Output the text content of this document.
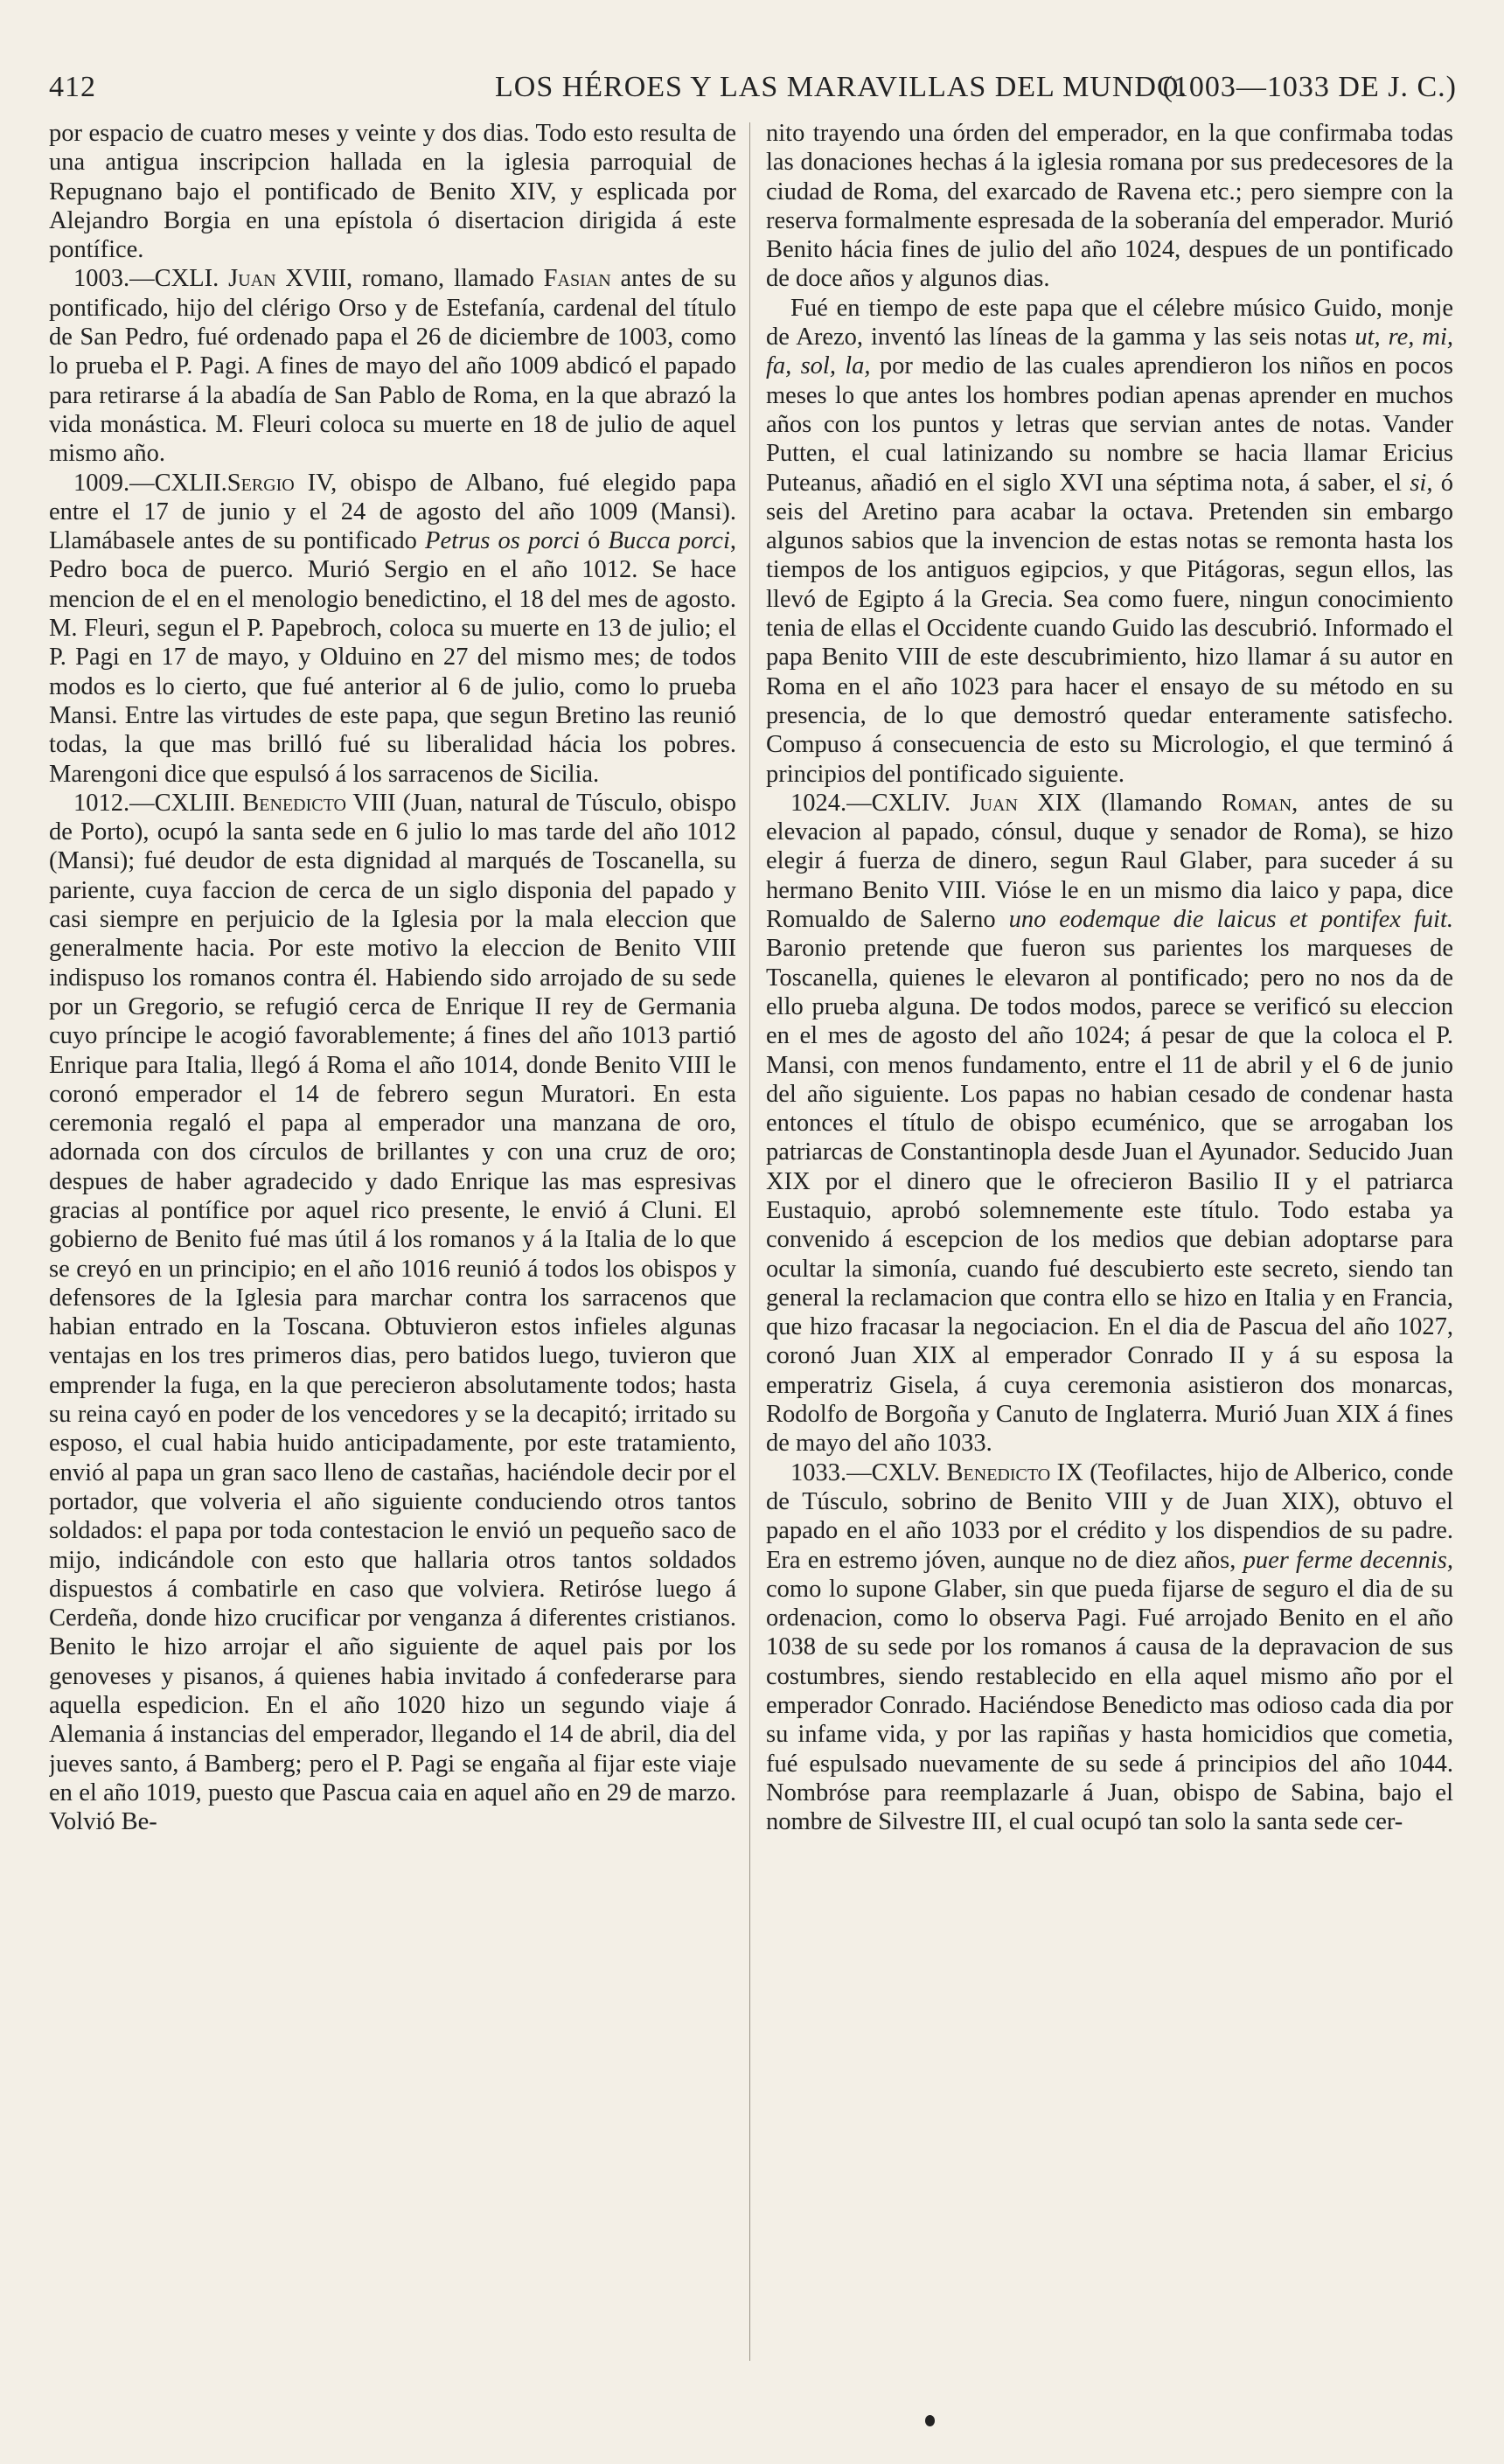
412	LOS HÉROES Y LAS MARAVILLAS DEL MUNDO.
(1003—1033 DE J. C.)

por espacio de cuatro meses y veinte y dos dias. Todo esto resulta de una antigua inscripcion hallada en la iglesia parroquial de Repugnano bajo el pontificado de Benito XIV, y esplicada por Alejandro Borgia en una epístola ó disertacion dirigida á este pontífice.

1003.—CXLI. Juan XVIII, romano, llamado Fasian antes de su pontificado, hijo del clérigo Orso y de Estefanía, cardenal del título de San Pedro, fué ordenado papa el 26 de diciembre de 1003, como lo prueba el P. Pagi. A fines de mayo del año 1009 abdicó el papado para retirarse á la abadía de San Pablo de Roma, en la que abrazó la vida monástica. M. Fleuri coloca su muerte en 18 de julio de aquel mismo año.

1009.—CXLII.Sergio IV, obispo de Albano, fué elegido papa entre el 17 de junio y el 24 de agosto del año 1009 (Mansi). Llamábasele antes de su pontificado Petrus os porci ó Bucca porci, Pedro boca de puerco. Murió Sergio en el año 1012. Se hace mencion de el en el menologio benedictino, el 18 del mes de agosto. M. Fleuri, segun el P. Papebroch, coloca su muerte en 13 de julio; el P. Pagi en 17 de mayo, y Olduino en 27 del mismo mes; de todos modos es lo cierto, que fué anterior al 6 de julio, como lo prueba Mansi. Entre las virtudes de este papa, que segun Bretino las reunió todas, la que mas brilló fué su liberalidad hácia los pobres. Marengoni dice que espulsó á los sarracenos de Sicilia.

1012.—CXLIII. Benedicto VIII (Juan, natural de Túsculo, obispo de Porto), ocupó la santa sede en 6 julio lo mas tarde del año 1012 (Mansi); fué deudor de esta dignidad al marqués de Toscanella, su pariente, cuya faccion de cerca de un siglo disponia del papado y casi siempre en perjuicio de la Iglesia por la mala eleccion que generalmente hacia. Por este motivo la eleccion de Benito VIII indispuso los romanos contra él. Habiendo sido arrojado de su sede por un Gregorio, se refugió cerca de Enrique II rey de Germania cuyo príncipe le acogió favorablemente; á fines del año 1013 partió Enrique para Italia, llegó á Roma el año 1014, donde Benito VIII le coronó emperador el 14 de febrero segun Muratori. En esta ceremonia regaló el papa al emperador una manzana de oro, adornada con dos círculos de brillantes y con una cruz de oro; despues de haber agradecido y dado Enrique las mas espresivas gracias al pontífice por aquel rico presente, le envió á Cluni. El gobierno de Benito fué mas útil á los romanos y á la Italia de lo que se creyó en un principio; en el año 1016 reunió á todos los obispos y defensores de la Iglesia para marchar contra los sarracenos que habian entrado en la Toscana. Obtuvieron estos infieles algunas ventajas en los tres primeros dias, pero batidos luego, tuvieron que emprender la fuga, en la que perecieron absolutamente todos; hasta su reina cayó en poder de los vencedores y se la decapitó; irritado su esposo, el cual habia huido anticipadamente, por este tratamiento, envió al papa un gran saco lleno de castañas, haciéndole decir por el portador, que volveria el año siguiente conduciendo otros tantos soldados: el papa por toda contestacion le envió un pequeño saco de mijo, indicándole con esto que hallaria otros tantos soldados dispuestos á combatirle en caso que volviera. Retiróse luego á Cerdeña, donde hizo crucificar por venganza á diferentes cristianos. Benito le hizo arrojar el año siguiente de aquel pais por los genoveses y pisanos, á quienes habia invitado á confederarse para aquella espedicion. En el año 1020 hizo un segundo viaje á Alemania á instancias del emperador, llegando el 14 de abril, dia del jueves santo, á Bamberg; pero el P. Pagi se engaña al fijar este viaje en el año 1019, puesto que Pascua caia en aquel año en 29 de marzo. Volvió Be-

nito trayendo una órden del emperador, en la que confirmaba todas las donaciones hechas á la iglesia romana por sus predecesores de la ciudad de Roma, del exarcado de Ravena etc.; pero siempre con la reserva formalmente espresada de la soberanía del emperador. Murió Benito hácia fines de julio del año 1024, despues de un pontificado de doce años y algunos dias.

Fué en tiempo de este papa que el célebre músico Guido, monje de Arezo, inventó las líneas de la gamma y las seis notas ut, re, mi, fa, sol, la, por medio de las cuales aprendieron los niños en pocos meses lo que antes los hombres podian apenas aprender en muchos años con los puntos y letras que servian antes de notas. Vander Putten, el cual latinizando su nombre se hacia llamar Ericius Puteanus, añadió en el siglo XVI una séptima nota, á saber, el si, ó seis del Aretino para acabar la octava. Pretenden sin embargo algunos sabios que la invencion de estas notas se remonta hasta los tiempos de los antiguos egipcios, y que Pitágoras, segun ellos, las llevó de Egipto á la Grecia. Sea como fuere, ningun conocimiento tenia de ellas el Occidente cuando Guido las descubrió. Informado el papa Benito VIII de este descubrimiento, hizo llamar á su autor en Roma en el año 1023 para hacer el ensayo de su método en su presencia, de lo que demostró quedar enteramente satisfecho. Compuso á consecuencia de esto su Micrologio, el que terminó á principios del pontificado siguiente.

1024.—CXLIV. Juan XIX (llamando Roman, antes de su elevacion al papado, cónsul, duque y senador de Roma), se hizo elegir á fuerza de dinero, segun Raul Glaber, para suceder á su hermano Benito VIII. Vióse le en un mismo dia laico y papa, dice Romualdo de Salerno uno eodemque die laicus et pontifex fuit. Baronio pretende que fueron sus parientes los marqueses de Toscanella, quienes le elevaron al pontificado; pero no nos da de ello prueba alguna. De todos modos, parece se verificó su eleccion en el mes de agosto del año 1024; á pesar de que la coloca el P. Mansi, con menos fundamento, entre el 11 de abril y el 6 de junio del año siguiente. Los papas no habian cesado de condenar hasta entonces el título de obispo ecuménico, que se arrogaban los patriarcas de Constantinopla desde Juan el Ayunador. Seducido Juan XIX por el dinero que le ofrecieron Basilio II y el patriarca Eustaquio, aprobó solemnemente este título. Todo estaba ya convenido á escepcion de los medios que debian adoptarse para ocultar la simonía, cuando fué descubierto este secreto, siendo tan general la reclamacion que contra ello se hizo en Italia y en Francia, que hizo fracasar la negociacion. En el dia de Pascua del año 1027, coronó Juan XIX al emperador Conrado II y á su esposa la emperatriz Gisela, á cuya ceremonia asistieron dos monarcas, Rodolfo de Borgoña y Canuto de Inglaterra. Murió Juan XIX á fines de mayo del año 1033.

1033.—CXLV. Benedicto IX (Teofilactes, hijo de Alberico, conde de Túsculo, sobrino de Benito VIII y de Juan XIX), obtuvo el papado en el año 1033 por el crédito y los dispendios de su padre. Era en estremo jóven, aunque no de diez años, puer ferme decennis, como lo supone Glaber, sin que pueda fijarse de seguro el dia de su ordenacion, como lo observa Pagi. Fué arrojado Benito en el año 1038 de su sede por los romanos á causa de la depravacion de sus costumbres, siendo restablecido en ella aquel mismo año por el emperador Conrado. Haciéndose Benedicto mas odioso cada dia por su infame vida, y por las rapiñas y hasta homicidios que cometia, fué espulsado nuevamente de su sede á principios del año 1044. Nombróse para reemplazarle á Juan, obispo de Sabina, bajo el nombre de Silvestre III, el cual ocupó tan solo la santa sede cer-
